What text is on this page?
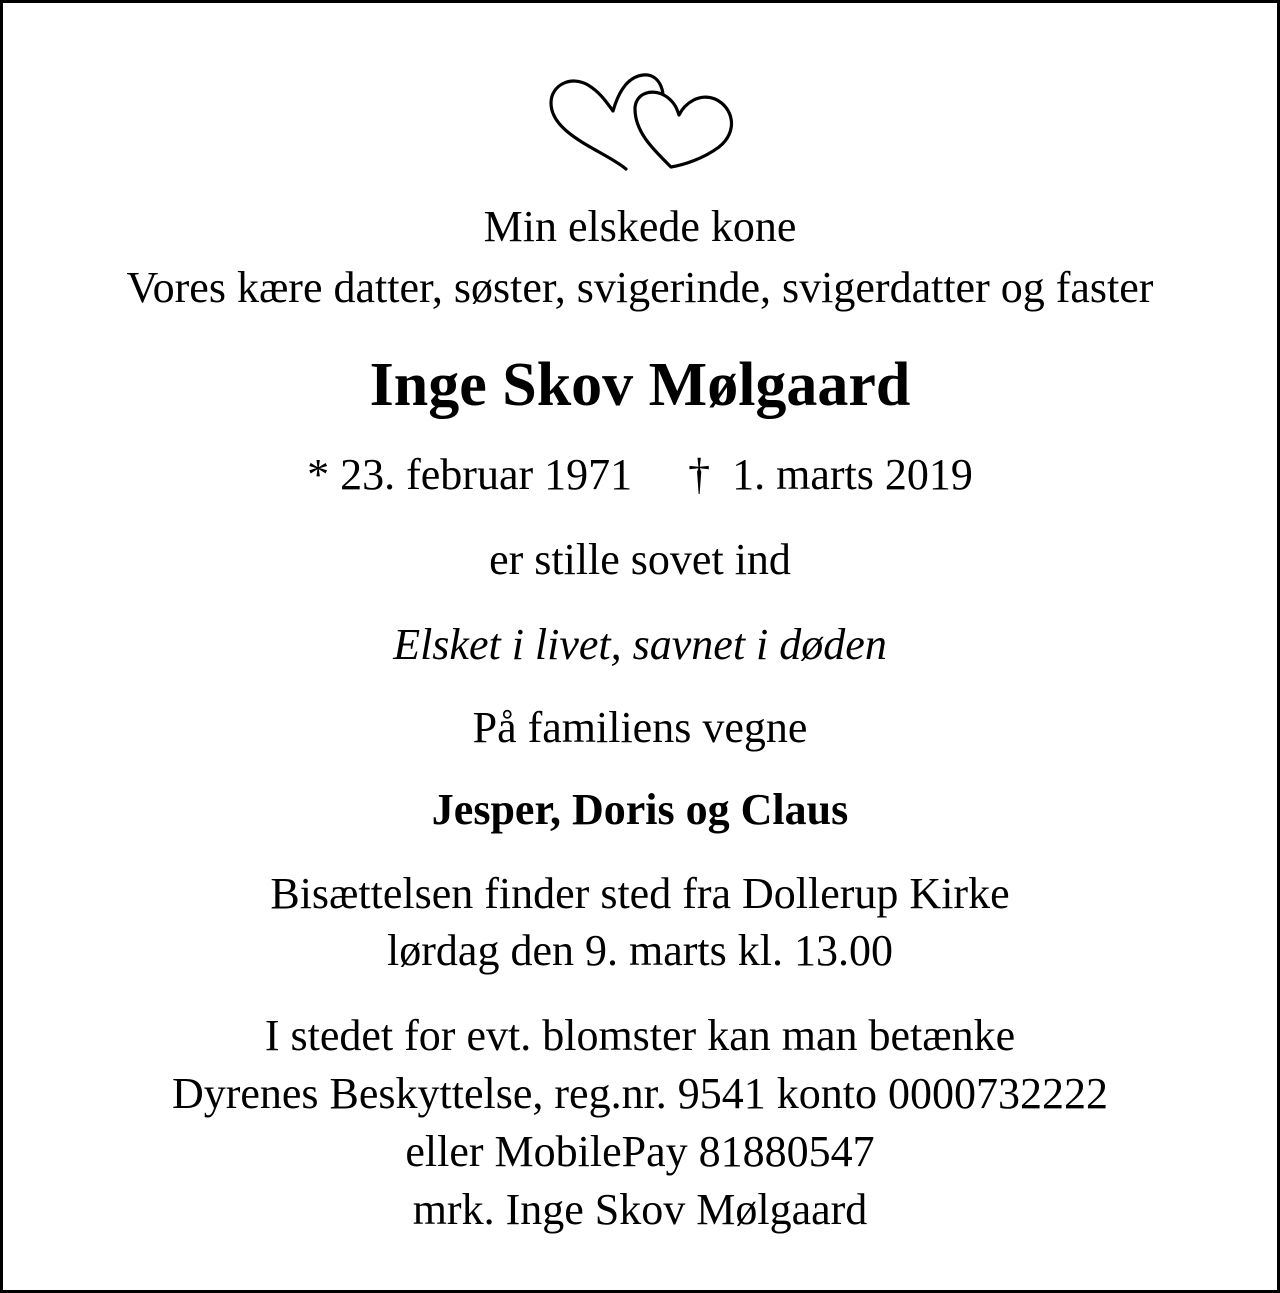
Min elskede kone
Vores kære datter, søster, svigerinde, svigerdatter og faster
Inge Skov Mølgaard
* 23. februar 1971 † 1. marts 2019
er stille sovet ind
Elsket i livet, savnet i døden
På familiens vegne
Jesper, Doris og Claus
Bisættelsen finder sted fra Dollerup Kirke
lørdag den 9. marts kl. 13.00
I stedet for evt. blomster kan man betænke
Dyrenes Beskyttelse, reg.nr. 9541 konto 0000732222
eller MobilePay 81880547
mrk. Inge Skov Mølgaard
